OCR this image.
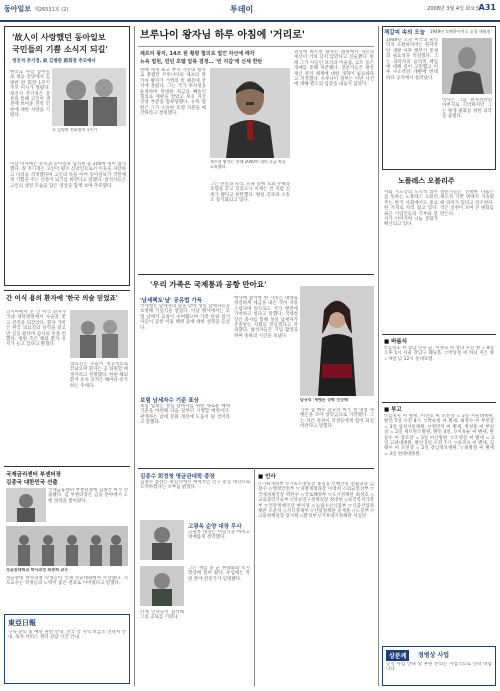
동아일보 제26531호 (2)	투데이	2008년 3월 4일 화요일
A31
'故人이 사랑했던 동아일보
국민들의 기쁨 소식지 되길'
정진석 추기경, 故 김병관 前회장 추모예사
한국교 사랑 동아일보 정동 강당에서 김병관 전 회장 1주기 추모 미사가 열렸다. 정진석 추기경은 강론을 통해 고인이 생전에 보여준 민족 언론에 대한 사랑을 기렸다.
고 김병관 전회장의 1주기
이날 미사에는 유족과 동아일보 임직원 등 200여 명이 참석했다. 정 추기경은 고인이 평소 신앙인으로서 이웃을 사랑하고 나라를 걱정했다며 고인의 뜻을 이어 동아일보가 국민에게 기쁨을 주는 신문이 되기를 바란다고 말했다. 참석자들은 고인의 생전 모습을 담은 영상을 함께 보며 추모했다.
간 이식 용의 환자에 '한국 의술 믿었죠'
러시아에서 온 간 이식 환자가 국내 대학병원에서 수술을 받고 건강을 되찾았다. 환자 가족은 한국 의료진의 실력을 믿고 먼 길을 왔다며 감사의 뜻을 전했다. 병원 측은 해외 환자 유치가 늘고 있다고 밝혔다.
의료진은 수술이 성공적으로 끝났으며 환자는 곧 퇴원할 예정이라고 설명했다. 한편 해외 환자 유치 실적은 해마다 증가하는 추세다.
국제금리센터 부센터장
김종국 대한민국 선출
국제금융센터 부센터장에 김종국 씨가 선출됐다. 김 부센터장은 금융 분야에서 오랜 경력을 쌓아왔다.
성균관대학교 박사과정 최광희 교수
성균관대 박사과정 학생들이 국제 학술대회에서 수상했다. 지도교수는 학생들의 노력이 좋은 결과로 이어졌다고 말했다.
東亞日報
구독 문의 및 배달 관련 안내. 전국 각 지역 보급소 연락처 안내. 독자 서비스 센터 상담 시간 안내.
브루나이 왕자님 하루 아침에 '거리로'
제프리 왕자, 14조 원 횡령 혐의로 법인 자산에 매각
뉴욕 법원, 런던 호텔 압류 결정… '빈 지갑'에 신세 한탄
한때 세계 최고 부자 가문의 왕자로 불렸던 브루나이의 제프리 볼키아 왕자가 거액의 빚 때문에 궁지에 몰렸다. 그는 국가 투자청을 운영하며 막대한 자금을 빼돌린 혐의로 재판을 받았고 보유 자산 상당 부분을 압류당했다. 뉴욕 법원은 그가 소유한 호텔 지분을 매각하라고 결정했다.
제프리 왕자는 한때 2000여 대의 고급 차를 소유했다.
그는 런던과 파리, 뉴욕 등에 호화 주택과 호텔을 갖고 있었으나 이제는 빈 지갑 신세가 됐다고 한탄했다. 왕실 측과의 소송도 장기화되고 있다.
외신에 따르면 왕자는 법정에서 자신의 재산이 거의 남지 않았다고 진술했다. 한때 그가 사들인 보석과 미술품, 요트 등은 경매를 통해 처분됐다. 전문가들은 왕실 재산 관리 체계에 대한 개혁이 필요하다고 지적했다. 브루나이 정부는 이번 사건에 대해 별도의 입장을 내놓지 않았다.
'우리 가족은 국제통과 공항 만아요'
'남세팩토'날' 공유법 가득
국세청은 납세자의 날을 맞아 성실 납세자들을 초청해 기념식을 열었다. 이날 행사에서는 모범 납세자 표창이 수여됐으며 가족 단위 참석자들이 공항 이용 혜택 등에 대한 설명을 들었다.
보험 남세자수 기준 표상
보험 업계는 성실 납세자를 위한 새로운 혜택 기준을 마련해 다음 달부터 시행할 예정이다. 관계자는 납세 문화 개선에 도움이 될 것이라고 말했다.
행사에 참석한 한 가족은 대대로 성실하게 세금을 내온 것이 자랑스럽다며 앞으로도 국가 발전에 기여하고 싶다고 말했다. 국세청장은 축사를 통해 성실 납세자가 존중받는 사회를 만들겠다고 약속했다. 참석자들은 기념 촬영을 하며 축하의 시간을 보냈다.
남규리 '세뱃돈 장학 인상해'
가수 겸 배우 남규리 씨가 설 명절 세뱃돈을 모아 장학금으로 기탁했다. 그는 작은 정성이 학생들에게 힘이 되길 바란다고 말했다.
김종수 회정청 명균관대학 총장
김종수 총장은 취임식에서 세계적인 연구 중심 대학으로 도약하겠다는 포부를 밝혔다.
고광옥 순양 대장 무사
고광옥 대장은 이임식을 마치고 명예롭게 전역했다.
그는 재임 중 군 현대화와 복지 향상에 힘써 왔다. 후임에는 작전 분야 전문가가 임명됐다.
각계 인사들이 참석해 그의 공로를 기렸다.
■ 인사
◇기획재정부 ▽기획조정실장 홍길동 ▽예산실 총괄과장 김철수 ◇행정안전부 ▽지방재정과장 이영희 ◇외교통상부 ▽국제경제국장 박민수 ◇국토해양부 ▽도시정책관 최성호 ◇교육과학기술부 ▽학술연구정책실장 정대현 ◇보건복지가족부 ▽건강정책국장 한미경 ◇농림수산식품부 ▽식품산업정책관 오준석 ◇지식경제부 ▽산업정책관 윤재훈 ◇노동부 ▽고용정책실장 강지원 ◇환경부 ▽기후대기정책관 서동민
책갈피 속의 오늘 1949년 오펜하이머스 공경 세워점
1949년 오늘 미국의 물리학자 오펜하이머는 원자폭탄 개발 이후 핵무기 통제의 필요성을 역설했다. 그는 과학자의 윤리적 책임에 대해 깊이 고민했고 이후 수소폭탄 개발에 반대하다 공직에서 물러났다.
역사는 그를 원자폭탄의 아버지로 기억하지만 그는 평생 평화를 위한 과학을 꿈꿨다.
노플레스 오블리주
사회 지도층의 도덕적 의무를 뜻하는 노블레스 오블리주는 한국 사회에서도 중요한 가치로 자리 잡고 있다. 최근 기업인들의 기부와 봉사가 이어지며 나눔 문화가 확산되고 있다.
전문가들은 진정한 나눔은 제도적 기반 위에서 지속될 때 의미가 있다고 강조한다. 작은 실천이 모여 큰 변화를 만든다.
■ 바름식
▽김영호 씨 장남 민수 군, 이정숙 씨 장녀 수진 양 = 8일 오후 1시 서울 강남구 웨딩홀. ▽박상철 씨 차녀 지은 양 = 9일 낮 12시 롯데호텔.
■ 부고
▽김정자 씨 별세, 이민호 씨 모친상 = 3일 서울대병원, 발인 5일 오전 8시. ▽박순희 씨 별세, 최영수 씨 부친상 = 3일 삼성서울병원. ▽정만석 씨 별세, 정성훈 씨 부친상 = 2일 세브란스병원, 발인 4일. ▽이옥순 씨 별세, 한동수 씨 장모상 = 3일 아산병원. ▽조영길 씨 별세 = 3일 고려대병원, 발인 5일 오전 7시. ▽윤경숙 씨 별세, 김태우 씨 모친상 = 2일 강남성모병원. ▽최병철 씨 별세 = 3일 한양대병원.
상분께	정병상 사업
공익 사업 안내 및 후원 문의는 사업국으로 연락 바랍니다.
